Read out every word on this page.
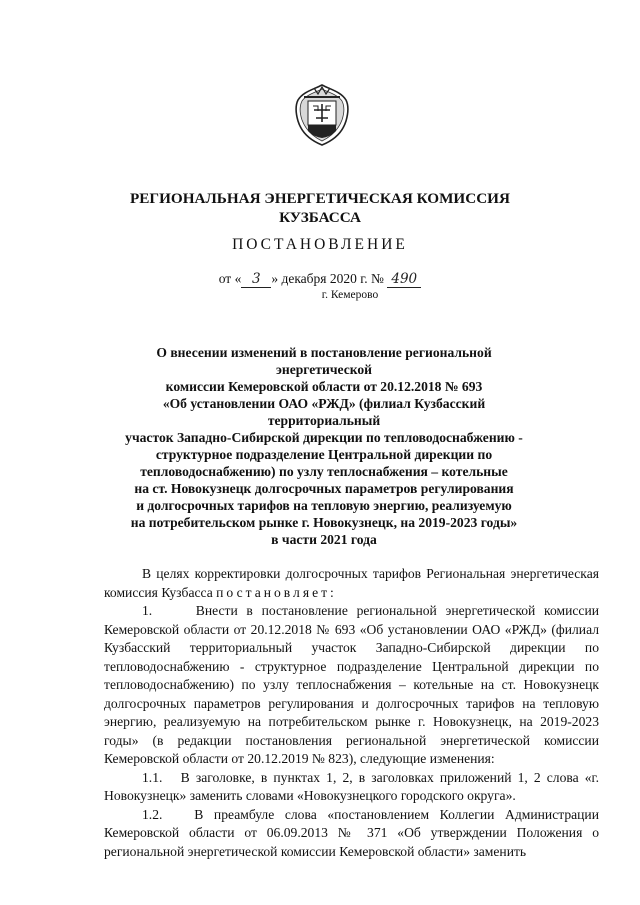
РЕГИОНАЛЬНАЯ ЭНЕРГЕТИЧЕСКАЯ КОМИССИЯ
КУЗБАССА
ПОСТАНОВЛЕНИЕ
от « 3 » декабря 2020 г. № 490
г. Кемерово
О внесении изменений в постановление региональной энергетической
комиссии Кемеровской области от 20.12.2018 № 693
«Об установлении ОАО «РЖД» (филиал Кузбасский территориальный
участок Западно-Сибирской дирекции по тепловодоснабжению -
структурное подразделение Центральной дирекции по
тепловодоснабжению) по узлу теплоснабжения – котельные
на ст. Новокузнецк долгосрочных параметров регулирования
и долгосрочных тарифов на тепловую энергию, реализуемую
на потребительском рынке г. Новокузнецк, на 2019-2023 годы»
в части 2021 года

В целях корректировки долгосрочных тарифов Региональная энергетическая комиссия Кузбасса постановляет:

1.     Внести в постановление региональной энергетической комиссии Кемеровской области от 20.12.2018 № 693 «Об установлении ОАО «РЖД» (филиал Кузбасский территориальный участок Западно-Сибирской дирекции по тепловодоснабжению - структурное подразделение Центральной дирекции по тепловодоснабжению) по узлу теплоснабжения – котельные на ст. Новокузнецк долгосрочных параметров регулирования и долгосрочных тарифов на тепловую энергию, реализуемую на потребительском рынке г. Новокузнецк, на 2019-2023 годы» (в редакции постановления региональной энергетической комиссии Кемеровской области от 20.12.2019 № 823), следующие изменения:

1.1.   В заголовке, в пунктах 1, 2, в заголовках приложений 1, 2 слова «г. Новокузнецк» заменить словами «Новокузнецкого городского округа».

1.2.   В преамбуле слова «постановлением Коллегии Администрации Кемеровской области от 06.09.2013 № 371 «Об утверждении Положения о региональной энергетической комиссии Кемеровской области» заменить
